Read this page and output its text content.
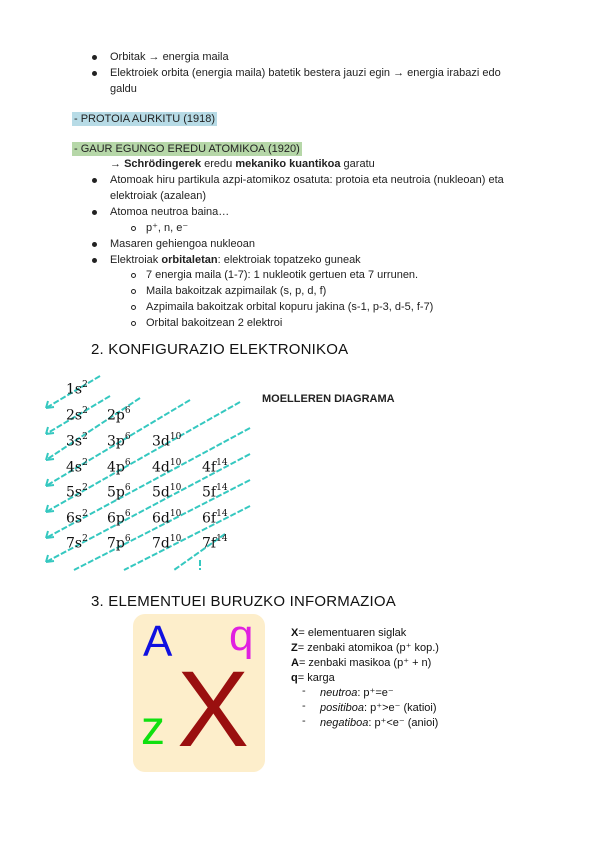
Orbitak → energia maila
Elektroiek orbita (energia maila) batetik bestera jauzi egin → energia irabazi edo
galdu
- PROTOIA AURKITU (1918)
- GAUR EGUNGO EREDU ATOMIKOA (1920)
→ Schrödingerek eredu mekaniko kuantikoa garatu
Atomoak hiru partikula azpi-atomikoz osatuta: protoia eta neutroia (nukleoan) eta
elektroiak (azalean)
Atomoa neutroa baina…
p⁺, n, e⁻
Masaren gehiengoa nukleoan
Elektroiak orbitaletan: elektroiak topatzeko guneak
7 energia maila (1-7): 1 nukleotik gertuen eta 7 urrunen.
Maila bakoitzak azpimailak (s, p, d, f)
Azpimaila bakoitzak orbital kopuru jakina (s-1, p-3, d-5, f-7)
Orbital bakoitzean 2 elektroi
2. KONFIGURAZIO ELEKTRONIKOA
$1s^2$
$2s^2$ $2p^6$
$3s^2$ $3p^6$ $3d^{10}$
$4s^2$ $4p^6$ $4d^{10}$ $4f^{14}$
$5s^2$ $5p^6$ $5d^{10}$ $5f^{14}$
$6s^2$ $6p^6$ $6d^{10}$ $6f^{14}$
$7s^2$ $7p^6$ $7d^{10}$ $7f^{14}$
MOELLEREN DIAGRAMA
3. ELEMENTUEI BURUZKO INFORMAZIOA
A q
X
z
X= elementuaren siglak
Z= zenbaki atomikoa (p⁺ kop.)
A= zenbaki masikoa (p⁺ + n)
q= karga
- neutroa: p⁺=e⁻
- positiboa: p⁺>e⁻ (katioi)
- negatiboa: p⁺<e⁻ (anioi)
